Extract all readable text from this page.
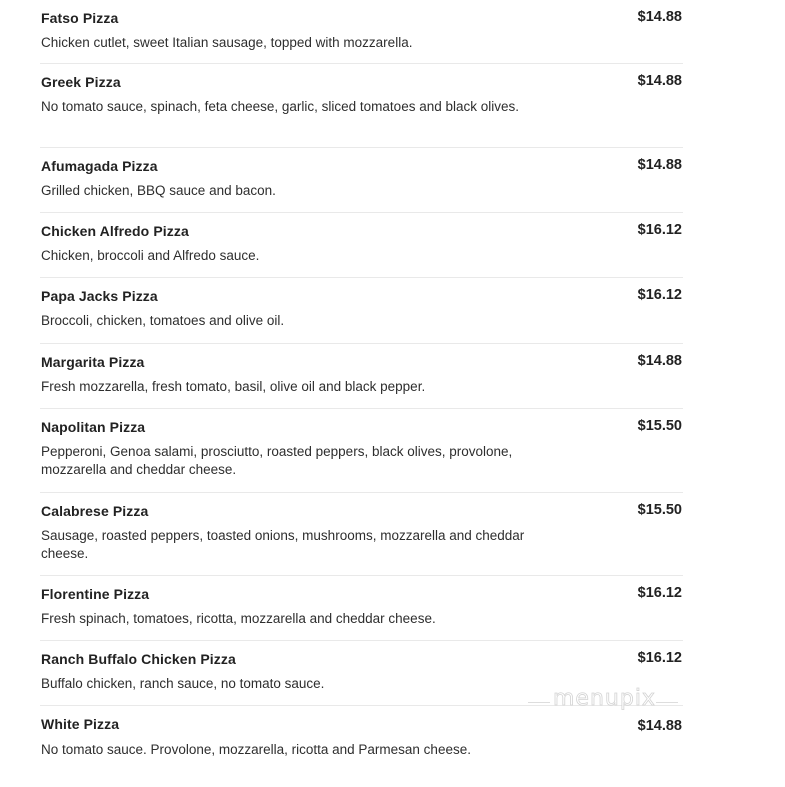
Fatso Pizza	$14.88
Chicken cutlet, sweet Italian sausage, topped with mozzarella.
Greek Pizza	$14.88
No tomato sauce, spinach, feta cheese, garlic, sliced tomatoes and black olives.
Afumagada Pizza	$14.88
Grilled chicken, BBQ sauce and bacon.
Chicken Alfredo Pizza	$16.12
Chicken, broccoli and Alfredo sauce.
Papa Jacks Pizza	$16.12
Broccoli, chicken, tomatoes and olive oil.
Margarita Pizza	$14.88
Fresh mozzarella, fresh tomato, basil, olive oil and black pepper.
Napolitan Pizza	$15.50
Pepperoni, Genoa salami, prosciutto, roasted peppers, black olives, provolone, mozzarella and cheddar cheese.
Calabrese Pizza	$15.50
Sausage, roasted peppers, toasted onions, mushrooms, mozzarella and cheddar cheese.
Florentine Pizza	$16.12
Fresh spinach, tomatoes, ricotta, mozzarella and cheddar cheese.
Ranch Buffalo Chicken Pizza	$16.12
Buffalo chicken, ranch sauce, no tomato sauce.
White Pizza	$14.88
No tomato sauce. Provolone, mozzarella, ricotta and Parmesan cheese.
menupix
